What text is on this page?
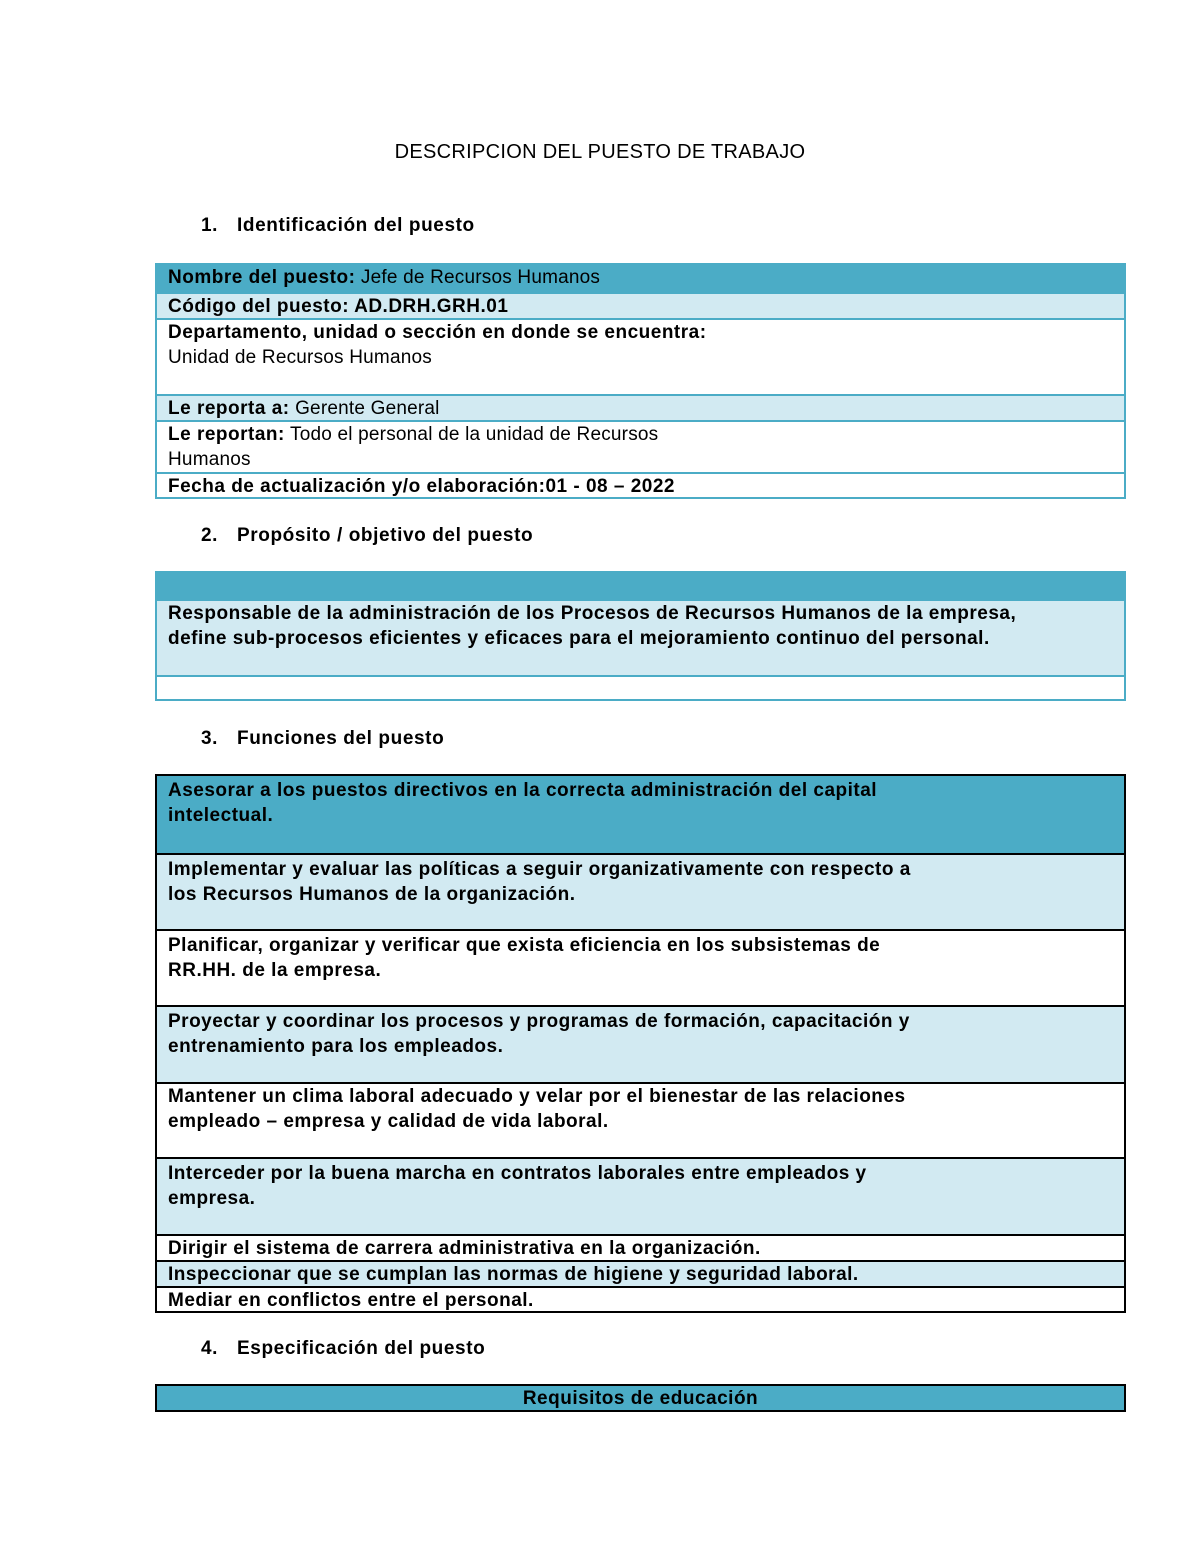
DESCRIPCION DEL PUESTO DE TRABAJO
1. Identificación del puesto
Nombre del puesto: Jefe de Recursos Humanos
Código del puesto: AD.DRH.GRH.01
Departamento, unidad o sección en donde se encuentra:
Unidad de Recursos Humanos
Le reporta a: Gerente General
Le reportan: Todo el personal de la unidad de Recursos
Humanos
Fecha de actualización y/o elaboración:01 - 08 – 2022
2. Propósito / objetivo del puesto
Responsable de la administración de los Procesos de Recursos Humanos de la empresa,
define sub-procesos eficientes y eficaces para el mejoramiento continuo del personal.
3. Funciones del puesto
Asesorar a los puestos directivos en la correcta administración del capital
intelectual.
Implementar y evaluar las políticas a seguir organizativamente con respecto a
los Recursos Humanos de la organización.
Planificar, organizar y verificar que exista eficiencia en los subsistemas de
RR.HH. de la empresa.
Proyectar y coordinar los procesos y programas de formación, capacitación y
entrenamiento para los empleados.
Mantener un clima laboral adecuado y velar por el bienestar de las relaciones
empleado – empresa y calidad de vida laboral.
Interceder por la buena marcha en contratos laborales entre empleados y
empresa.
Dirigir el sistema de carrera administrativa en la organización.
Inspeccionar que se cumplan las normas de higiene y seguridad laboral.
Mediar en conflictos entre el personal.
4. Especificación del puesto
Requisitos de educación
